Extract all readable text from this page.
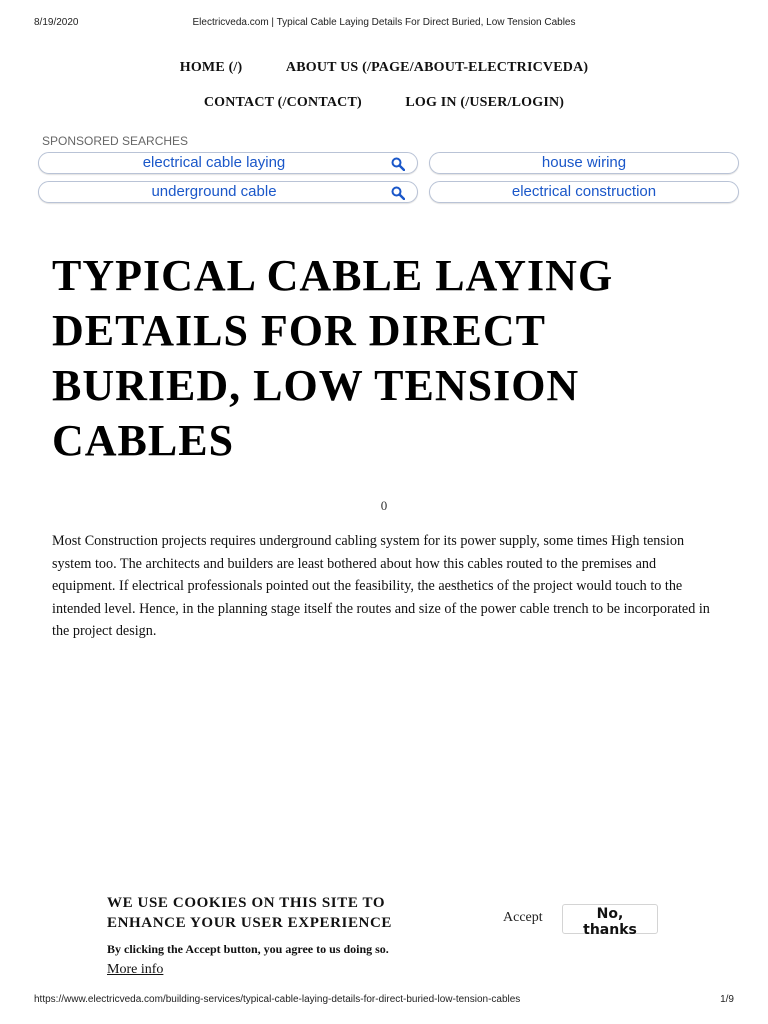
8/19/2020	Electricveda.com | Typical Cable Laying Details For Direct Buried, Low Tension Cables
HOME (/)	ABOUT US (/PAGE/ABOUT-ELECTRICVEDA)
CONTACT (/CONTACT)	LOG IN (/USER/LOGIN)
SPONSORED SEARCHES
electrical cable laying	house wiring
underground cable	electrical construction
TYPICAL CABLE LAYING DETAILS FOR DIRECT BURIED, LOW TENSION CABLES
0

Most Construction projects requires underground cabling system for its power supply, some times High tension system too. The architects and builders are least bothered about how this cables routed to the premises and equipment. If electrical professionals pointed out the feasibility, the aesthetics of the project would touch to the intended level. Hence, in the planning stage itself the routes and size of the power cable trench to be incorporated in the project design.

WE USE COOKIES ON THIS SITE TO ENHANCE YOUR USER EXPERIENCE
By clicking the Accept button, you agree to us doing so.
More info
Accept	No, thanks
https://www.electricveda.com/building-services/typical-cable-laying-details-for-direct-buried-low-tension-cables	1/9
